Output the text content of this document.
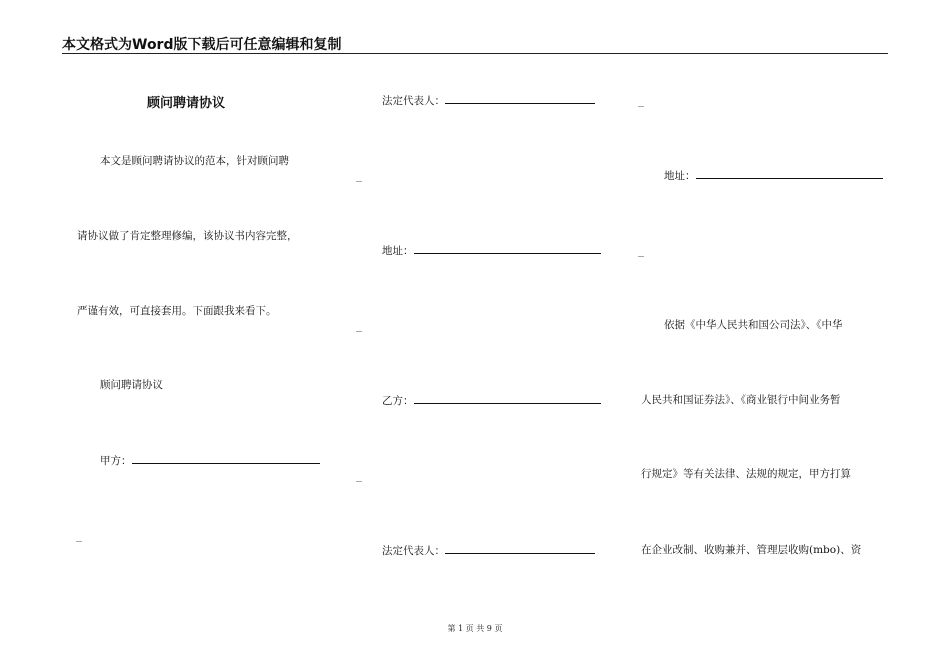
本文格式为Word版下载后可任意编辑和复制
顾问聘请协议
本文是顾问聘请协议的范本，针对顾问聘
_
请协议做了肯定整理修编，该协议书内容完整，
严谨有效，可直接套用。下面跟我来看下。
_
顾问聘请协议
甲方：
_
_
法定代表人：
地址：
乙方：
法定代表人：
_
地址：
_
依据《中华人民共和国公司法》、《中华
人民共和国证券法》、《商业银行中间业务暂
行规定》等有关法律、法规的规定，甲方打算
在企业改制、收购兼并、管理层收购(mbo)、资
第 1 页 共 9 页
